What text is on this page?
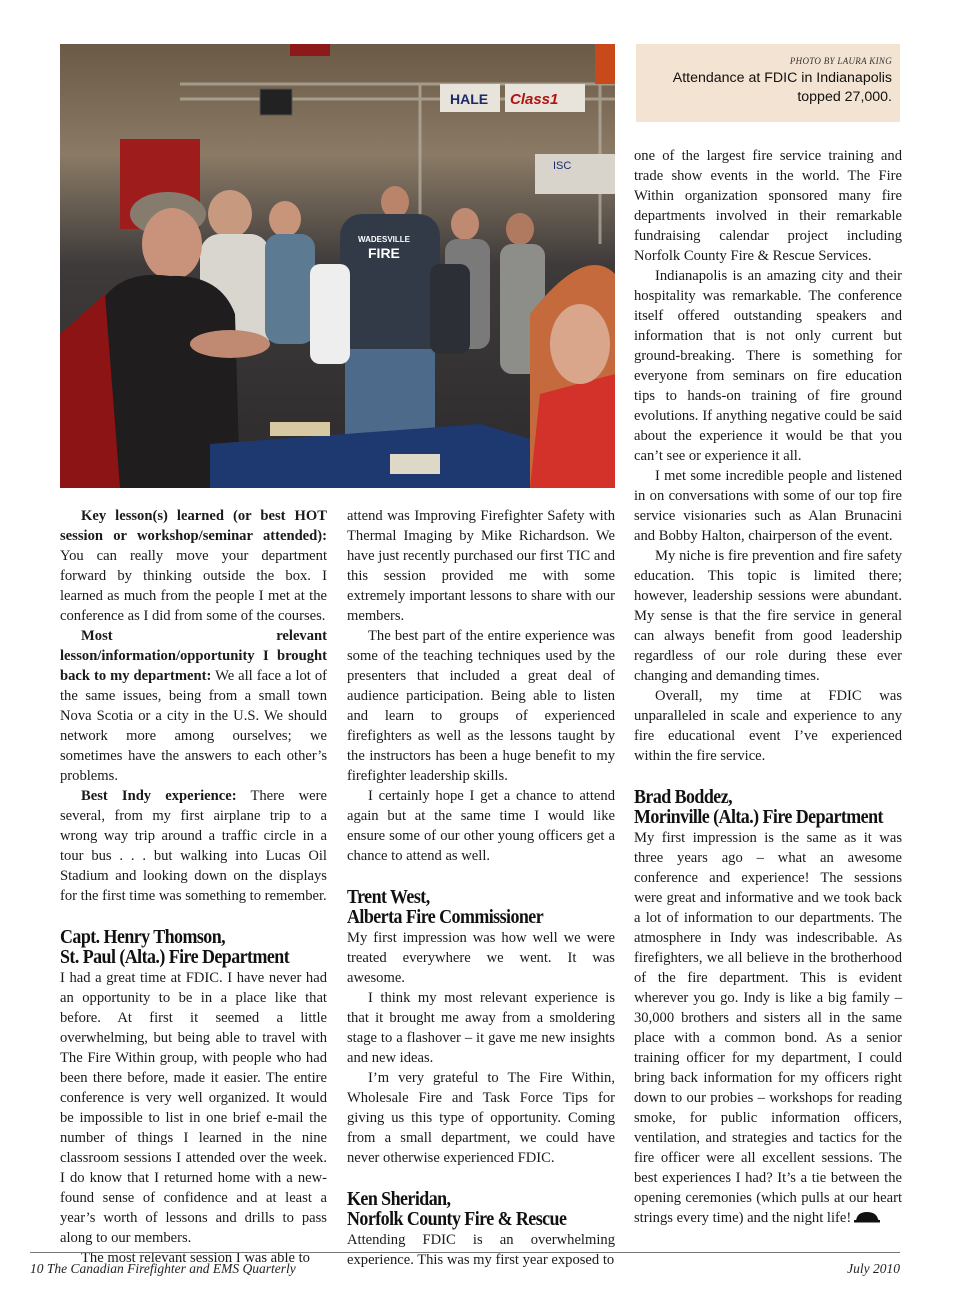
HALE Class1
ISC
WADESVILLE
FIRE
PHOTO BY LAURA KING
Attendance at FDIC in Indianapolis topped 27,000.

Key lesson(s) learned (or best HOT session or workshop/seminar attended): You can really move your department forward by thinking outside the box. I learned as much from the people I met at the conference as I did from some of the courses.

Most relevant lesson/information/opportunity I brought back to my department: We all face a lot of the same issues, being from a small town Nova Scotia or a city in the U.S. We should network more among ourselves; we sometimes have the answers to each other’s problems.

Best Indy experience: There were several, from my first airplane trip to a wrong way trip around a traffic circle in a tour bus . . . but walking into Lucas Oil Stadium and looking down on the displays for the first time was something to remember.

Capt. Henry Thomson,
St. Paul (Alta.) Fire Department

I had a great time at FDIC. I have never had an opportunity to be in a place like that before. At first it seemed a little overwhelming, but being able to travel with The Fire Within group, with people who had been there before, made it easier. The entire conference is very well organized. It would be impossible to list in one brief e-mail the number of things I learned in the nine classroom sessions I attended over the week. I do know that I returned home with a new-found sense of confidence and at least a year’s worth of lessons and drills to pass along to our members.

The most relevant session I was able to

attend was Improving Firefighter Safety with Thermal Imaging by Mike Richardson. We have just recently purchased our first TIC and this session provided me with some extremely important lessons to share with our members.

The best part of the entire experience was some of the teaching techniques used by the presenters that included a great deal of audience participation. Being able to listen and learn to groups of experienced firefighters as well as the lessons taught by the instructors has been a huge benefit to my firefighter leadership skills.

I certainly hope I get a chance to attend again but at the same time I would like ensure some of our other young officers get a chance to attend as well.

Trent West,
Alberta Fire Commissioner

My first impression was how well we were treated everywhere we went. It was awesome.

I think my most relevant experience is that it brought me away from a smoldering stage to a flashover – it gave me new insights and new ideas.

I’m very grateful to The Fire Within, Wholesale Fire and Task Force Tips for giving us this type of opportunity. Coming from a small department, we could have never otherwise experienced FDIC.

Ken Sheridan,
Norfolk County Fire & Rescue

Attending FDIC is an overwhelming experience. This was my first year exposed to

one of the largest fire service training and trade show events in the world. The Fire Within organization sponsored many fire departments involved in their remarkable fundraising calendar project including Norfolk County Fire & Rescue Services.

Indianapolis is an amazing city and their hospitality was remarkable. The conference itself offered outstanding speakers and information that is not only current but ground-breaking. There is something for everyone from seminars on fire education tips to hands-on training of fire ground evolutions. If anything negative could be said about the experience it would be that you can’t see or experience it all.

I met some incredible people and listened in on conversations with some of our top fire service visionaries such as Alan Brunacini and Bobby Halton, chairperson of the event.

My niche is fire prevention and fire safety education. This topic is limited there; however, leadership sessions were abundant. My sense is that the fire service in general can always benefit from good leadership regardless of our role during these ever changing and demanding times.

Overall, my time at FDIC was unparalleled in scale and experience to any fire educational event I’ve experienced within the fire service.

Brad Boddez,
Morinville (Alta.) Fire Department

My first impression is the same as it was three years ago – what an awesome conference and experience! The sessions were great and informative and we took back a lot of information to our departments. The atmosphere in Indy was indescribable. As firefighters, we all believe in the brotherhood of the fire department. This is evident wherever you go. Indy is like a big family – 30,000 brothers and sisters all in the same place with a common bond. As a senior training officer for my department, I could bring back information for my officers right down to our probies – workshops for reading smoke, for public information officers, ventilation, and strategies and tactics for the fire officer were all excellent sessions. The best experiences I had? It’s a tie between the opening ceremonies (which pulls at our heart strings every time) and the night life!

10 The Canadian Firefighter and EMS Quarterly	July 2010
